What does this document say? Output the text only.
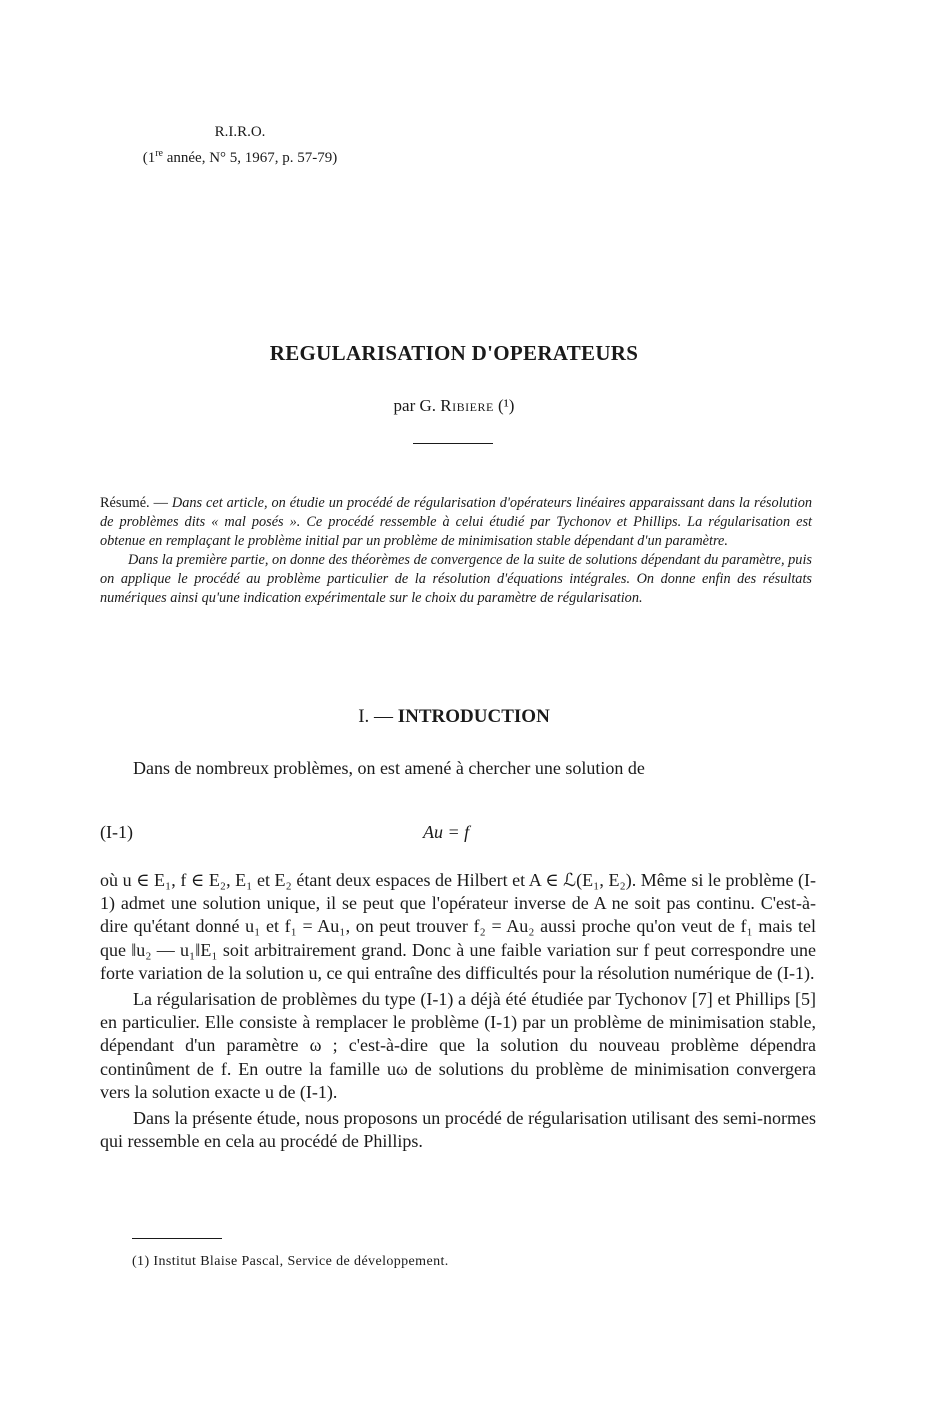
R.I.R.O.
(1re année, N° 5, 1967, p. 57-79)
REGULARISATION D'OPERATEURS
par G. Ribiere (¹)

Résumé. — Dans cet article, on étudie un procédé de régularisation d'opérateurs linéaires apparaissant dans la résolution de problèmes dits « mal posés ». Ce procédé ressemble à celui étudié par Tychonov et Phillips. La régularisation est obtenue en remplaçant le problème initial par un problème de minimisation stable dépendant d'un paramètre.

Dans la première partie, on donne des théorèmes de convergence de la suite de solutions dépendant du paramètre, puis on applique le procédé au problème particulier de la résolution d'équations intégrales. On donne enfin des résultats numériques ainsi qu'une indication expérimentale sur le choix du paramètre de régularisation.

I. — INTRODUCTION

Dans de nombreux problèmes, on est amené à chercher une solution de

(I-1)	Au = f

où u ∈ E₁, f ∈ E₂, E₁ et E₂ étant deux espaces de Hilbert et A ∈ ℒ(E₁, E₂). Même si le problème (I-1) admet une solution unique, il se peut que l'opérateur inverse de A ne soit pas continu. C'est-à-dire qu'étant donné u₁ et f₁ = Au₁, on peut trouver f₂ = Au₂ aussi proche qu'on veut de f₁ mais tel que ‖u₂ — u₁‖E₁ soit arbitrairement grand. Donc à une faible variation sur f peut correspondre une forte variation de la solution u, ce qui entraîne des difficultés pour la résolution numérique de (I-1).

La régularisation de problèmes du type (I-1) a déjà été étudiée par Tychonov [7] et Phillips [5] en particulier. Elle consiste à remplacer le problème (I-1) par un problème de minimisation stable, dépendant d'un paramètre ω ; c'est-à-dire que la solution du nouveau problème dépendra continûment de f. En outre la famille uω de solutions du problème de minimisation convergera vers la solution exacte u de (I-1).

Dans la présente étude, nous proposons un procédé de régularisation utilisant des semi-normes qui ressemble en cela au procédé de Phillips.

(1) Institut Blaise Pascal, Service de développement.
